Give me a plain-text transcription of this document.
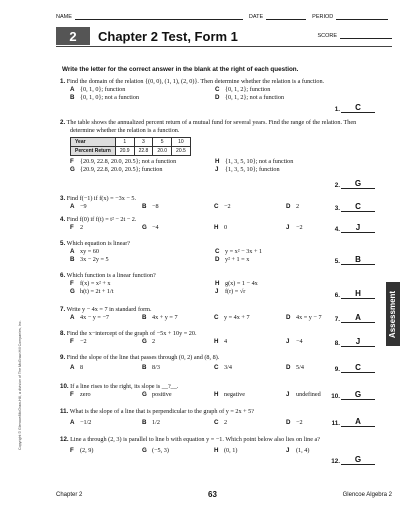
NAME	DATE	PERIOD
2	Chapter 2 Test, Form 1	SCORE
Write the letter for the correct answer in the blank at the right of each question.
1. Find the domain of the relation {(0, 0), (1, 1), (2, 0)}. Then determine whether the relation is a function.
A {0, 1, 0}; function	C {0, 1, 2}; function
B {0, 1, 0}; not a function	D {0, 1, 2}; not a function
1.	C
2. The table shows the annualized percent return of a mutual fund for several years. Find the range of the relation. Then determine whether the relation is a function.
Year	1	3	5	10
Percent Return	20.9	22.8	20.0	20.5
F	{20.9, 22.8, 20.0, 20.5}; not a function	H {1, 3, 5, 10}; not a function
G {20.9, 22.8, 20.0, 20.5}; function	J	{1, 3, 5, 10}; function
2.	G
3. Find f(−1) if f(x) = −3x − 5.
A −9	B −8	C −2	D 2	3.	C
4. Find f(0) if f(t) = t² − 2t − 2.
F	2	G −4	H 0	J	−2	4.	J
5. Which equation is linear?
A xy = 60	C y = x² − 3x + 1
B 3x − 2y = 5	D y² + 1 = x	5.	B
6. Which function is a linear function?
F	f(x) = x² + x	H g(x) = 1 − 4x
G h(t) = 2t + 1/t	J	f(r) = √r
6.	H
7. Write y − 4x = 7 in standard form.
A 4x − y = −7	B 4x + y = 7	C y = 4x + 7	D 4x = y − 7	7.	A
8. Find the x−intercept of the graph of −5x + 10y = 20.
F	−2	G 2	H 4	J	−4	8.	J
9. Find the slope of the line that passes through (0, 2) and (8, 8).
A 8	B 8/3	C 3/4	D 5/4	9.	C
10. If a line rises to the right, its slope is __?__.
F	zero	G positive	H negative	J	undefined	10.	G
11. What is the slope of a line that is perpendicular to the graph of y = 2x + 5?
A −1/2	B 1/2	C 2	D −2	11.	A
12. Line a through (2, 3) is parallel to line b with equation y = −1. Which point below also lies on line a?
F	(2, 9)	G (−5, 3)	H (0, 1)	J	(1, 4)
12.	G
Assessment
Copyright © Glencoe/McGraw-Hill, a division of The McGraw-Hill Companies, Inc.
Chapter 2	63	Glencoe Algebra 2
